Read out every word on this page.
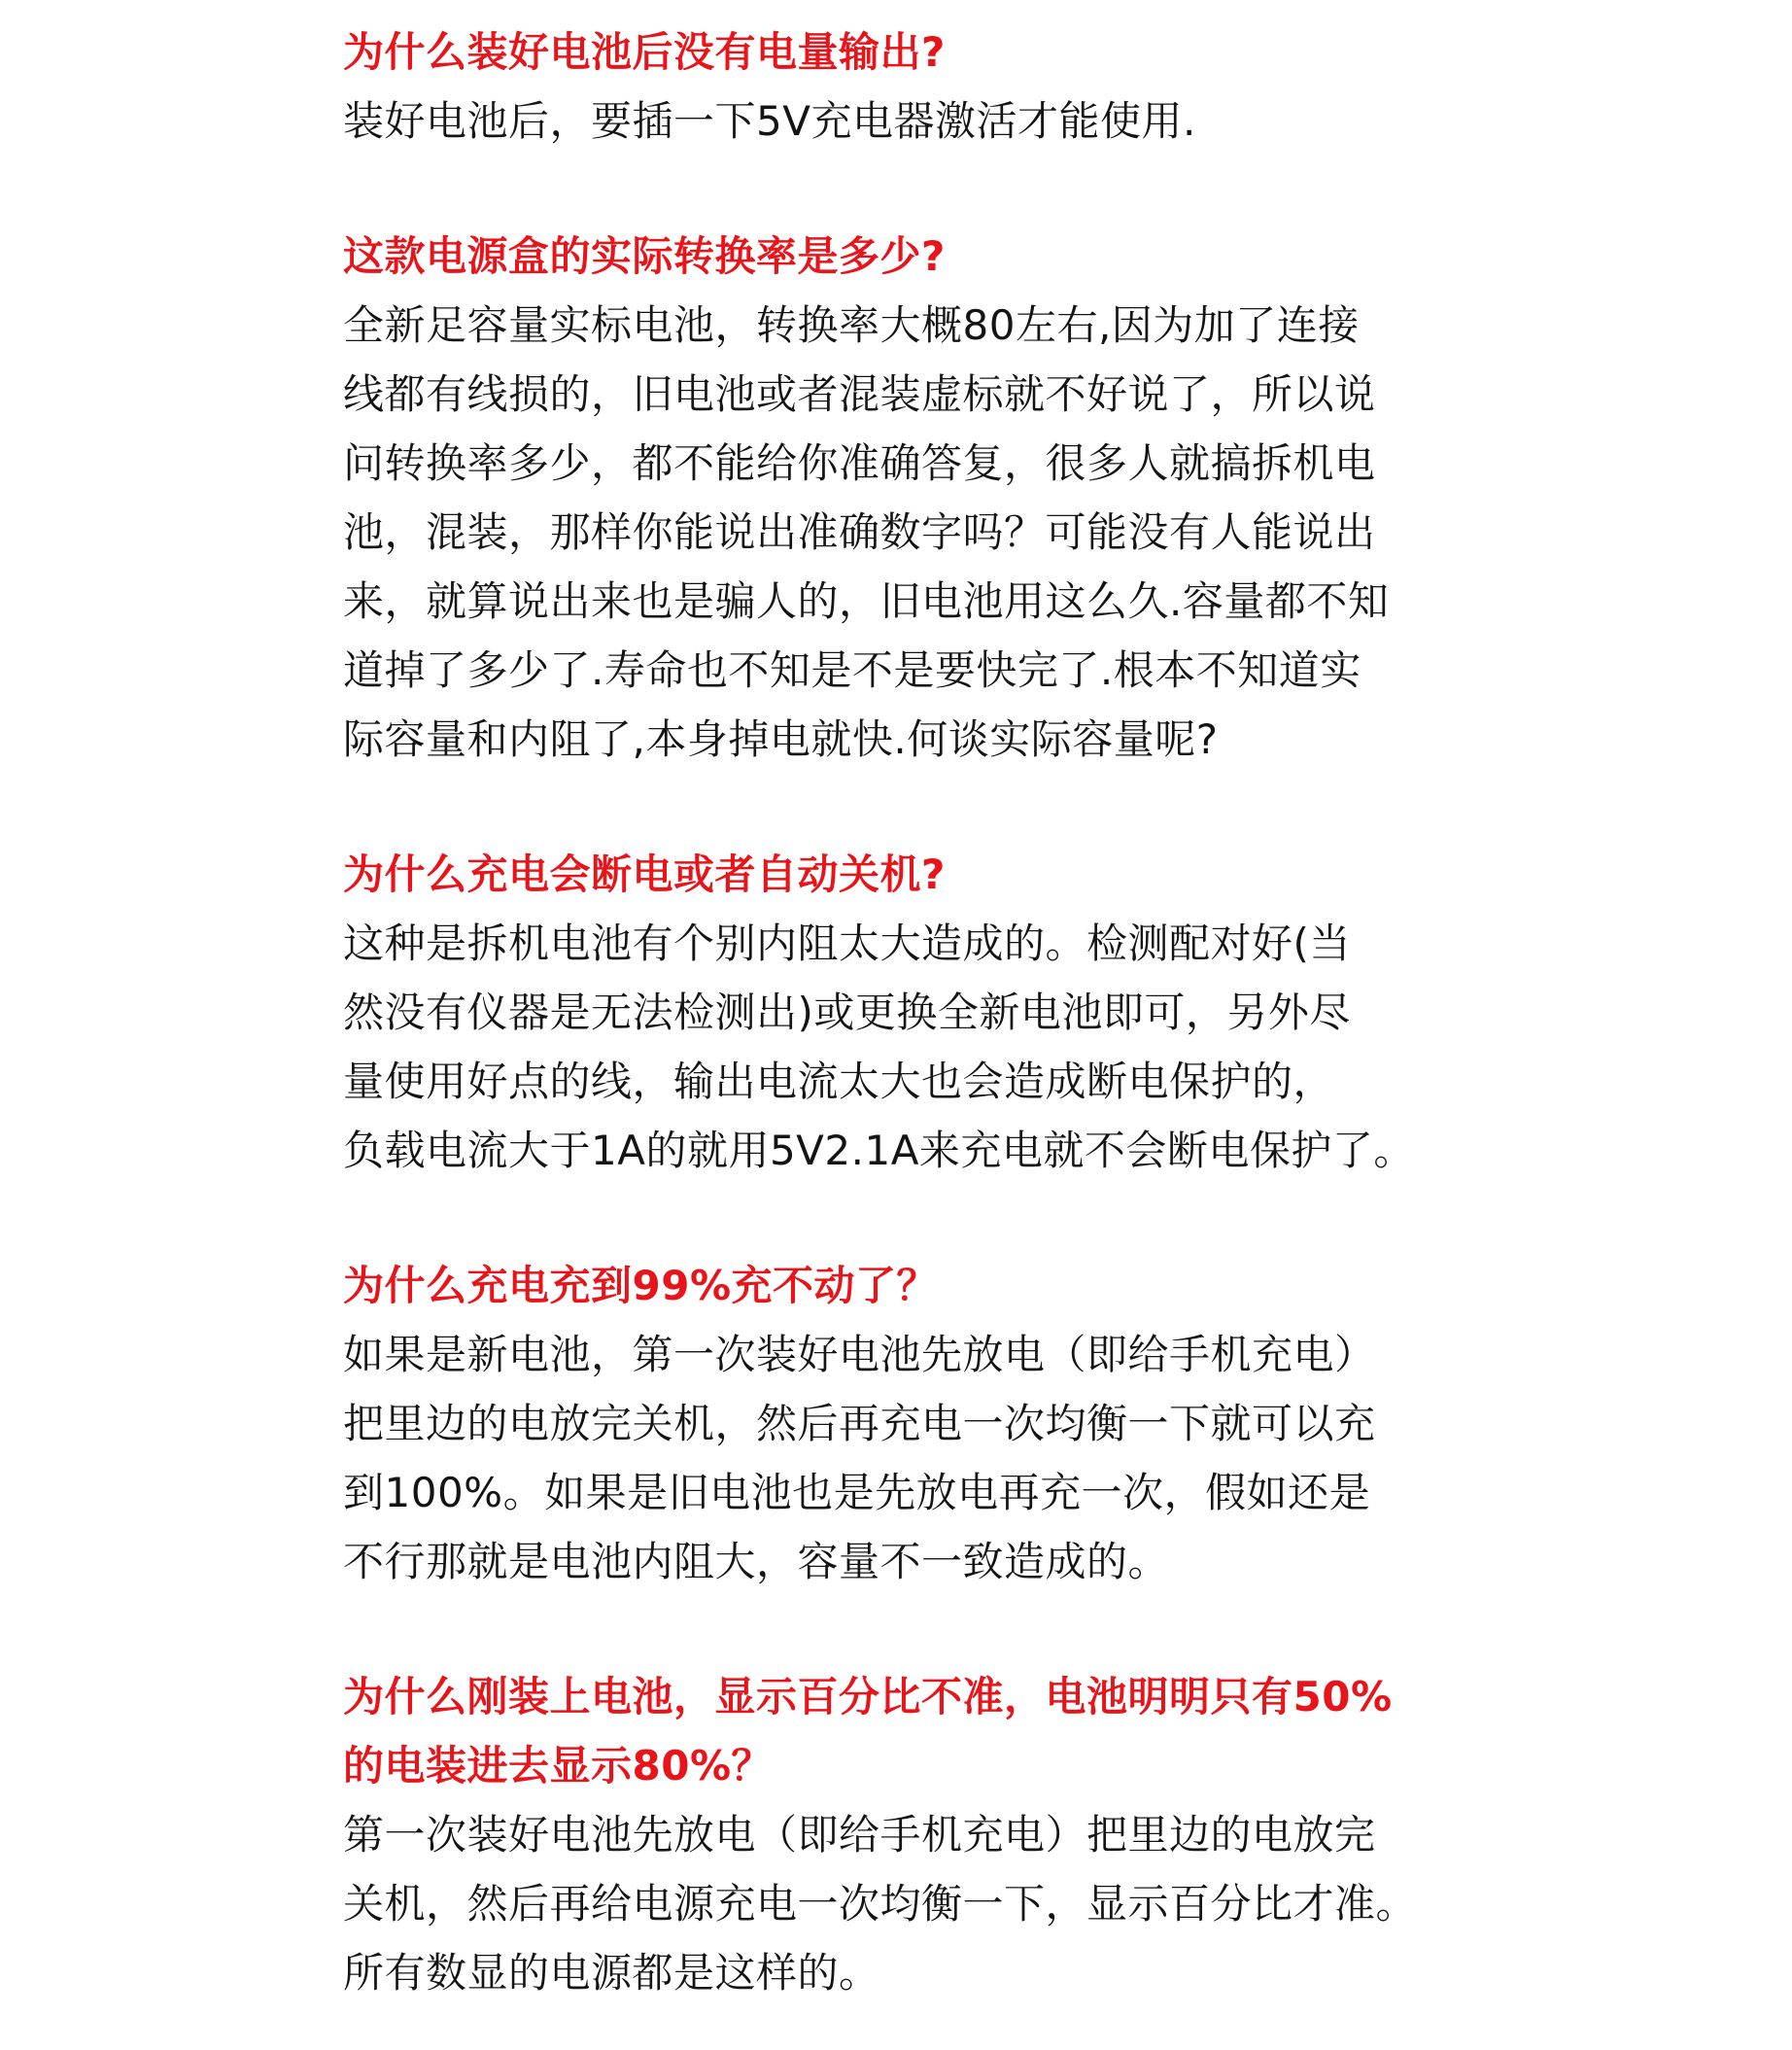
为什么装好电池后没有电量输出?

装好电池后，要插一下5V充电器激活才能使用.

这款电源盒的实际转换率是多少?

全新足容量实标电池，转换率大概80左右,因为加了连接

线都有线损的，旧电池或者混装虚标就不好说了，所以说

问转换率多少，都不能给你准确答复，很多人就搞拆机电

池，混装，那样你能说出准确数字吗？可能没有人能说出

来，就算说出来也是骗人的，旧电池用这么久.容量都不知

道掉了多少了.寿命也不知是不是要快完了.根本不知道实

际容量和内阻了,本身掉电就快.何谈实际容量呢?

为什么充电会断电或者自动关机?

这种是拆机电池有个别内阻太大造成的。检测配对好(当

然没有仪器是无法检测出)或更换全新电池即可，另外尽

量使用好点的线，输出电流太大也会造成断电保护的，

负载电流大于1A的就用5V2.1A来充电就不会断电保护了。

为什么充电充到99%充不动了？

如果是新电池，第一次装好电池先放电（即给手机充电）

把里边的电放完关机，然后再充电一次均衡一下就可以充

到100%。如果是旧电池也是先放电再充一次，假如还是

不行那就是电池内阻大，容量不一致造成的。

为什么刚装上电池，显示百分比不准，电池明明只有50%
的电装进去显示80%？

第一次装好电池先放电（即给手机充电）把里边的电放完

关机，然后再给电源充电一次均衡一下，显示百分比才准。

所有数显的电源都是这样的。
